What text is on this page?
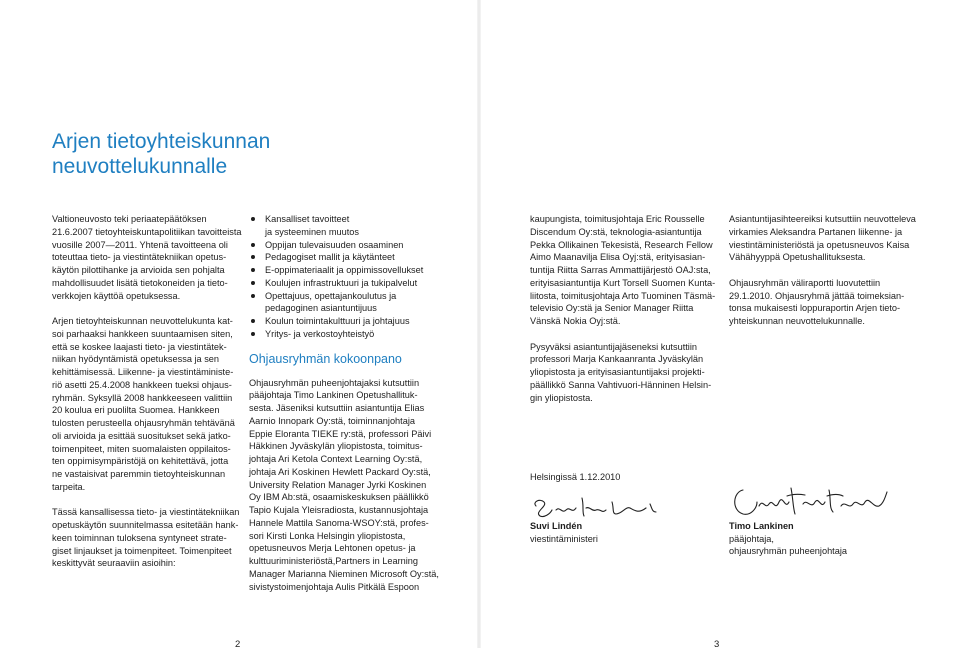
Arjen tietoyhteiskunnan
neuvottelukunnalle

Valtioneuvosto teki periaatepäätöksen
21.6.2007 tietoyhteiskuntapolitiikan tavoitteista
vuosille 2007—2011. Yhtenä tavoitteena oli
toteuttaa tieto- ja viestintätekniikan opetus-
käytön pilottihanke ja arvioida sen pohjalta
mahdollisuudet lisätä tietokoneiden ja tieto-
verkkojen käyttöä opetuksessa.

Arjen tietoyhteiskunnan neuvottelukunta kat-
soi parhaaksi hankkeen suuntaamisen siten,
että se koskee laajasti tieto- ja viestintätek-
niikan hyödyntämistä opetuksessa ja sen
kehittämisessä. Liikenne- ja viestintäministe-
riö asetti 25.4.2008 hankkeen tueksi ohjaus-
ryhmän. Syksyllä 2008 hankkeeseen valittiin
20 koulua eri puolilta Suomea. Hankkeen
tulosten perusteella ohjausryhmän tehtävänä
oli arvioida ja esittää suositukset sekä jatko-
toimenpiteet, miten suomalaisten oppilaitos-
ten oppimisympäristöjä on kehitettävä, jotta
ne vastaisivat paremmin tietoyhteiskunnan
tarpeita.

Tässä kansallisessa tieto- ja viestintätekniikan
opetuskäytön suunnitelmassa esitetään hank-
keen toiminnan tuloksena syntyneet strate-
giset linjaukset ja toimenpiteet. Toimenpiteet
keskittyvät seuraaviin asioihin:

Kansalliset tavoitteet
ja systeeminen muutos
Oppijan tulevaisuuden osaaminen
Pedagogiset mallit ja käytänteet
E-oppimateriaalit ja oppimissovellukset
Koulujen infrastruktuuri ja tukipalvelut
Opettajuus, opettajankoulutus ja
pedagoginen asiantuntijuus
Koulun toimintakulttuuri ja johtajuus
Yritys- ja verkostoyhteistyö
Ohjausryhmän kokoonpano

Ohjausryhmän puheenjohtajaksi kutsuttiin
pääjohtaja Timo Lankinen Opetushallituk-
sesta. Jäseniksi kutsuttiin asiantuntija Elias
Aarnio Innopark Oy:stä, toiminnanjohtaja
Eppie Eloranta TIEKE ry:stä, professori Päivi
Häkkinen Jyväskylän yliopistosta, toimitus-
johtaja Ari Ketola Context Learning Oy:stä,
johtaja Ari Koskinen Hewlett Packard Oy:stä,
University Relation Manager Jyrki Koskinen
Oy IBM Ab:stä, osaamiskeskuksen päällikkö
Tapio Kujala Yleisradiosta, kustannusjohtaja
Hannele Mattila Sanoma-WSOY:stä, profes-
sori Kirsti Lonka Helsingin yliopistosta,
opetusneuvos Merja Lehtonen opetus- ja
kulttuuriministeriöstä,Partners in Learning
Manager Marianna Nieminen Microsoft Oy:stä,
sivistystoimenjohtaja Aulis Pitkälä Espoon

kaupungista, toimitusjohtaja Eric Rousselle
Discendum Oy:stä, teknologia-asiantuntija
Pekka Ollikainen Tekesistä, Research Fellow
Aimo Maanavilja Elisa Oyj:stä, erityisasian-
tuntija Riitta Sarras Ammattijärjestö OAJ:sta,
erityisasiantuntija Kurt Torsell Suomen Kunta-
liitosta, toimitusjohtaja Arto Tuominen Täsmä-
televisio Oy:stä ja Senior Manager Riitta
Vänskä Nokia Oyj:stä.

Pysyväksi asiantuntijajäseneksi kutsuttiin
professori Marja Kankaanranta Jyväskylän
yliopistosta ja erityisasiantuntijaksi projekti-
päällikkö Sanna Vahtivuori-Hänninen Helsin-
gin yliopistosta.

Helsingissä 1.12.2010

Asiantuntijasihteereiksi kutsuttiin neuvotteleva
virkamies Aleksandra Partanen liikenne- ja
viestintäministeriöstä ja opetusneuvos Kaisa
Vähähyyppä Opetushallituksesta.

Ohjausryhmän väliraportti luovutettiin
29.1.2010. Ohjausryhmä jättää toimeksian-
tonsa mukaisesti loppuraportin Arjen tieto-
yhteiskunnan neuvottelukunnalle.

Suvi Lindén
viestintäministeri
Timo Lankinen
pääjohtaja,
ohjausryhmän puheenjohtaja
2	3
